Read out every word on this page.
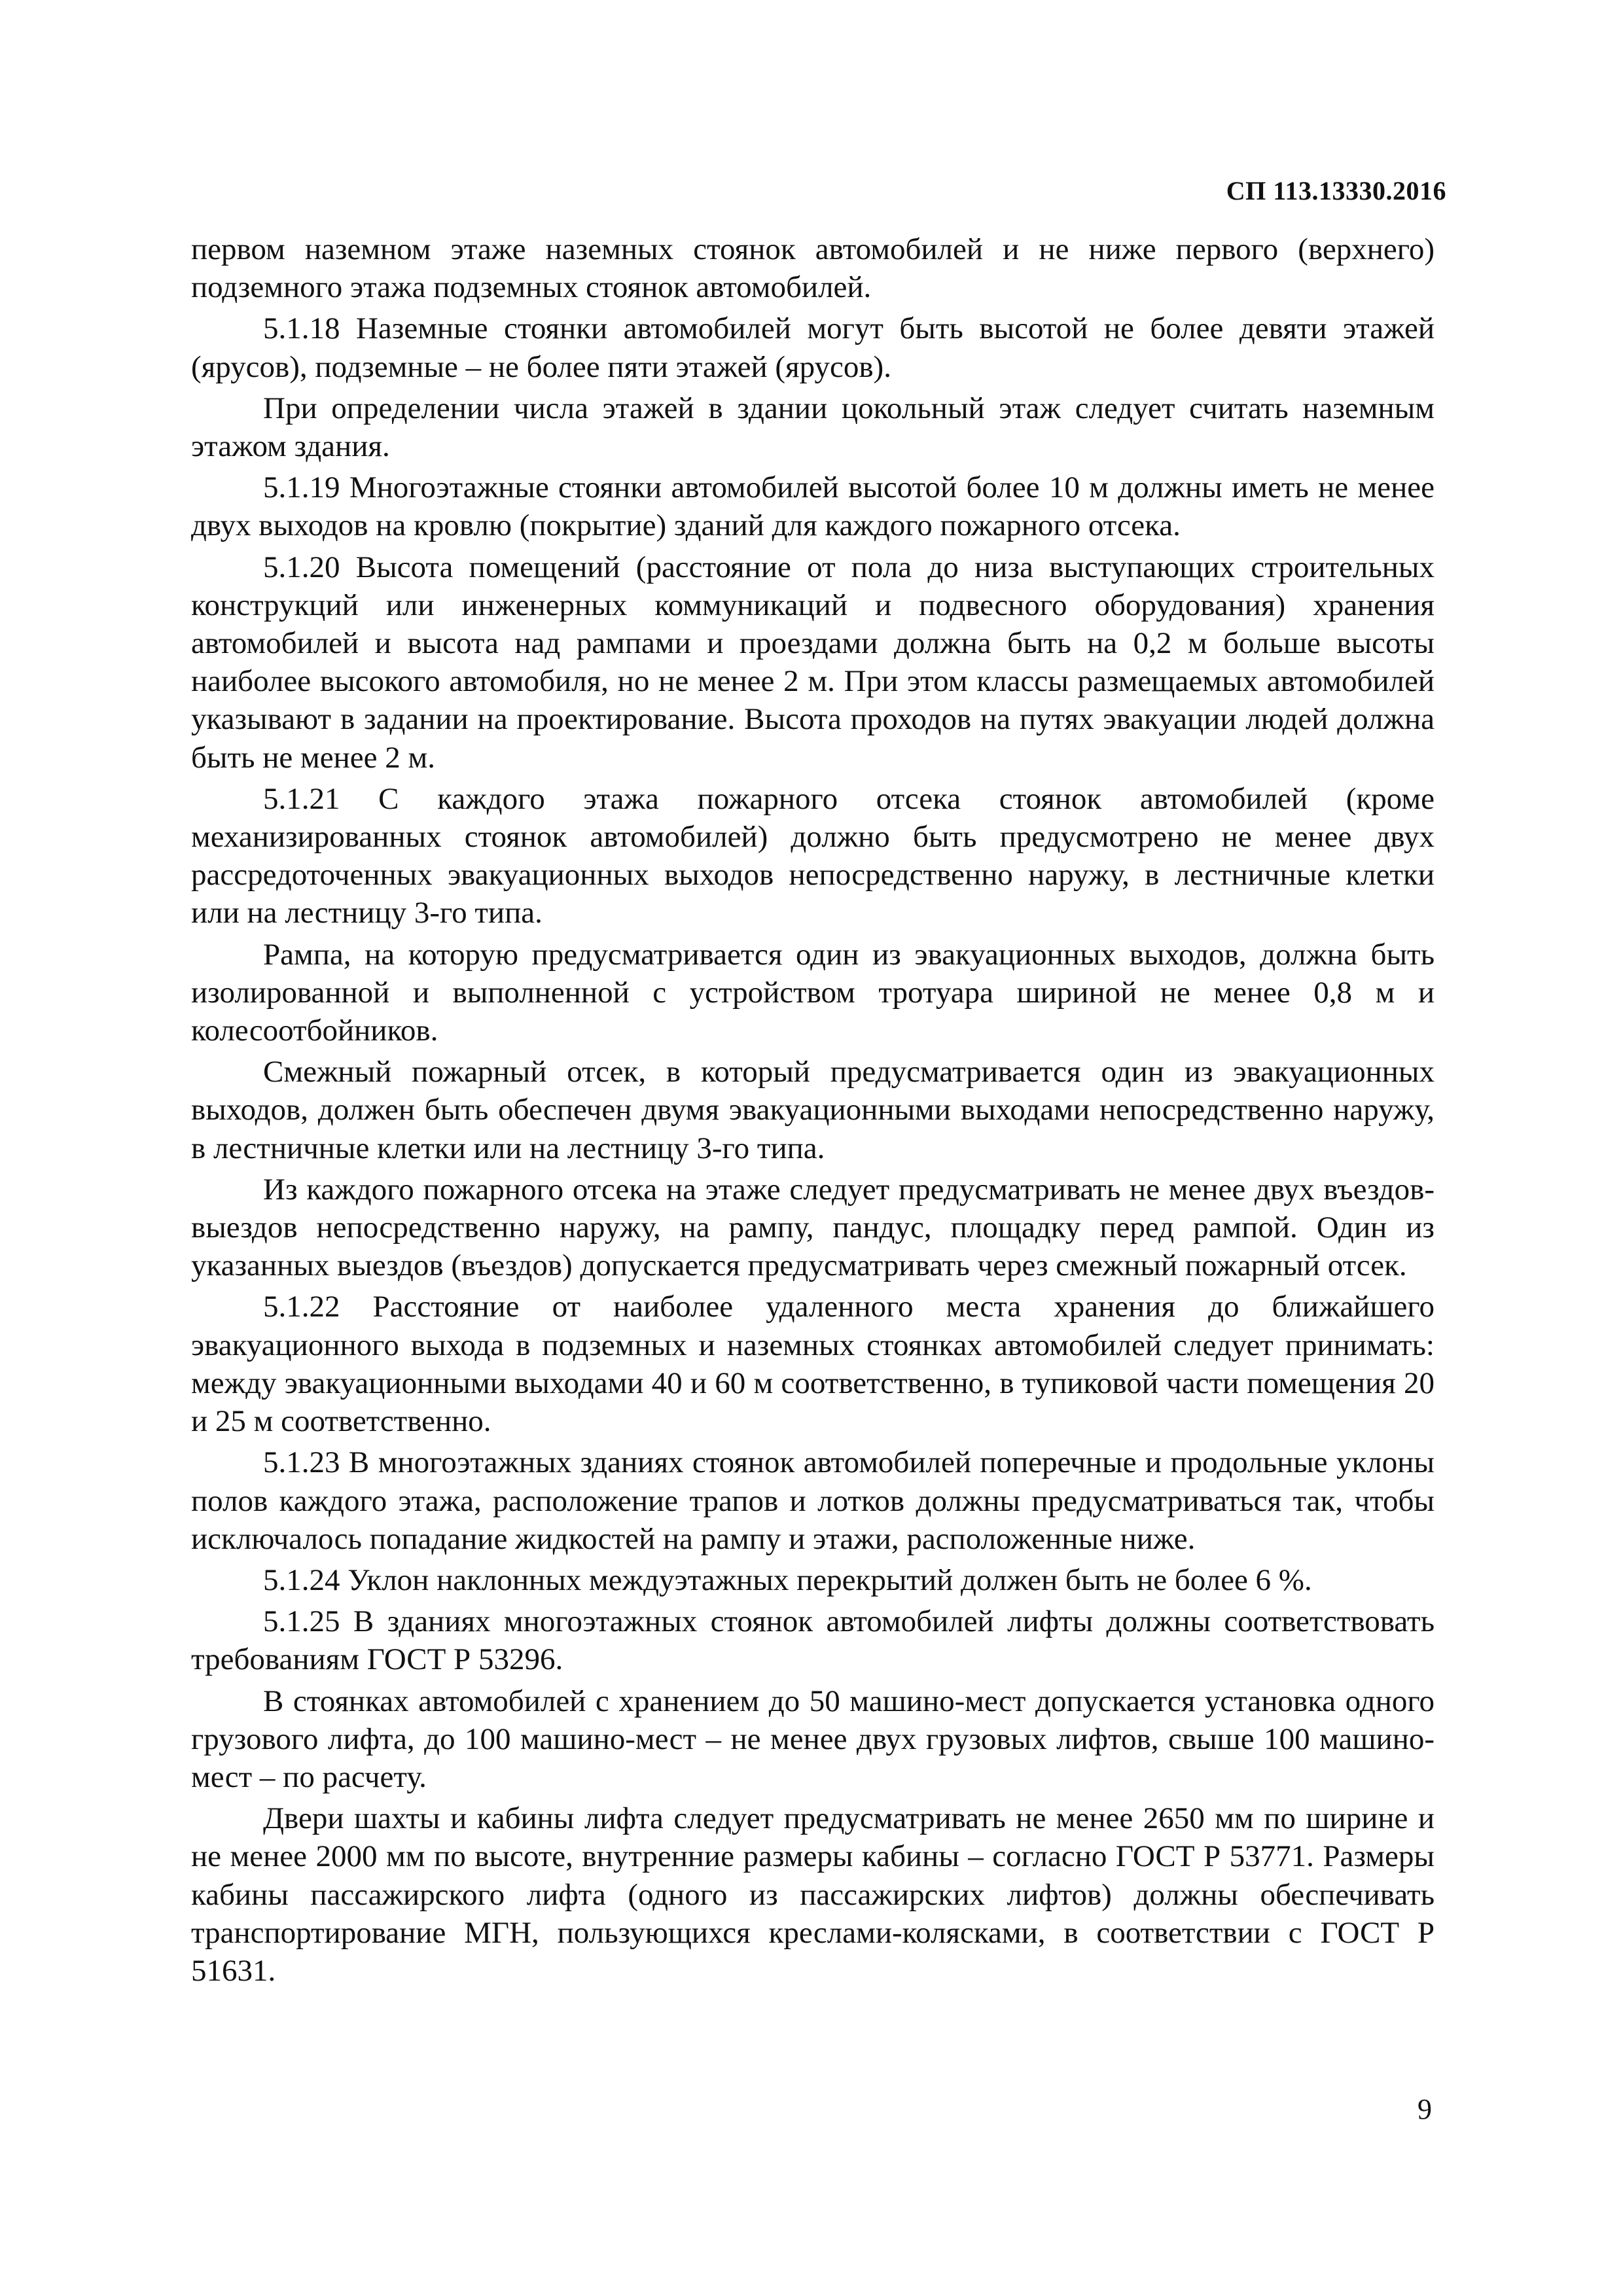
СП 113.13330.2016

первом наземном этаже наземных стоянок автомобилей и не ниже первого (верхнего) подземного этажа подземных стоянок автомобилей.

5.1.18 Наземные стоянки автомобилей могут быть высотой не более девяти этажей (ярусов), подземные – не более пяти этажей (ярусов).

При определении числа этажей в здании цокольный этаж следует считать наземным этажом здания.

5.1.19 Многоэтажные стоянки автомобилей высотой более 10 м должны иметь не менее двух выходов на кровлю (покрытие) зданий для каждого пожарного отсека.

5.1.20 Высота помещений (расстояние от пола до низа выступающих строительных конструкций или инженерных коммуникаций и подвесного оборудования) хранения автомобилей и высота над рампами и проездами должна быть на 0,2 м больше высоты наиболее высокого автомобиля, но не менее 2 м. При этом классы размещаемых автомобилей указывают в задании на проектирование. Высота проходов на путях эвакуации людей должна быть не менее 2 м.

5.1.21 С каждого этажа пожарного отсека стоянок автомобилей (кроме механизированных стоянок автомобилей) должно быть предусмотрено не менее двух рассредоточенных эвакуационных выходов непосредственно наружу, в лестничные клетки или на лестницу 3-го типа.

Рампа, на которую предусматривается один из эвакуационных выходов, должна быть изолированной и выполненной с устройством тротуара шириной не менее 0,8 м и колесоотбойников.

Смежный пожарный отсек, в который предусматривается один из эвакуационных выходов, должен быть обеспечен двумя эвакуационными выходами непосредственно наружу, в лестничные клетки или на лестницу 3-го типа.

Из каждого пожарного отсека на этаже следует предусматривать не менее двух въездов-выездов непосредственно наружу, на рампу, пандус, площадку перед рампой. Один из указанных выездов (въездов) допускается предусматривать через смежный пожарный отсек.

5.1.22 Расстояние от наиболее удаленного места хранения до ближайшего эвакуационного выхода в подземных и наземных стоянках автомобилей следует принимать: между эвакуационными выходами 40 и 60 м соответственно, в тупиковой части помещения 20 и 25 м соответственно.

5.1.23 В многоэтажных зданиях стоянок автомобилей поперечные и продольные уклоны полов каждого этажа, расположение трапов и лотков должны предусматриваться так, чтобы исключалось попадание жидкостей на рампу и этажи, расположенные ниже.

5.1.24 Уклон наклонных междуэтажных перекрытий должен быть не более 6 %.

5.1.25 В зданиях многоэтажных стоянок автомобилей лифты должны соответствовать требованиям ГОСТ Р 53296.

В стоянках автомобилей с хранением до 50 машино-мест допускается установка одного грузового лифта, до 100 машино-мест – не менее двух грузовых лифтов, свыше 100 машино-мест – по расчету.

Двери шахты и кабины лифта следует предусматривать не менее 2650 мм по ширине и не менее 2000 мм по высоте, внутренние размеры кабины – согласно ГОСТ Р 53771. Размеры кабины пассажирского лифта (одного из пассажирских лифтов) должны обеспечивать транспортирование МГН, пользующихся креслами-колясками, в соответствии с ГОСТ Р 51631.

9
